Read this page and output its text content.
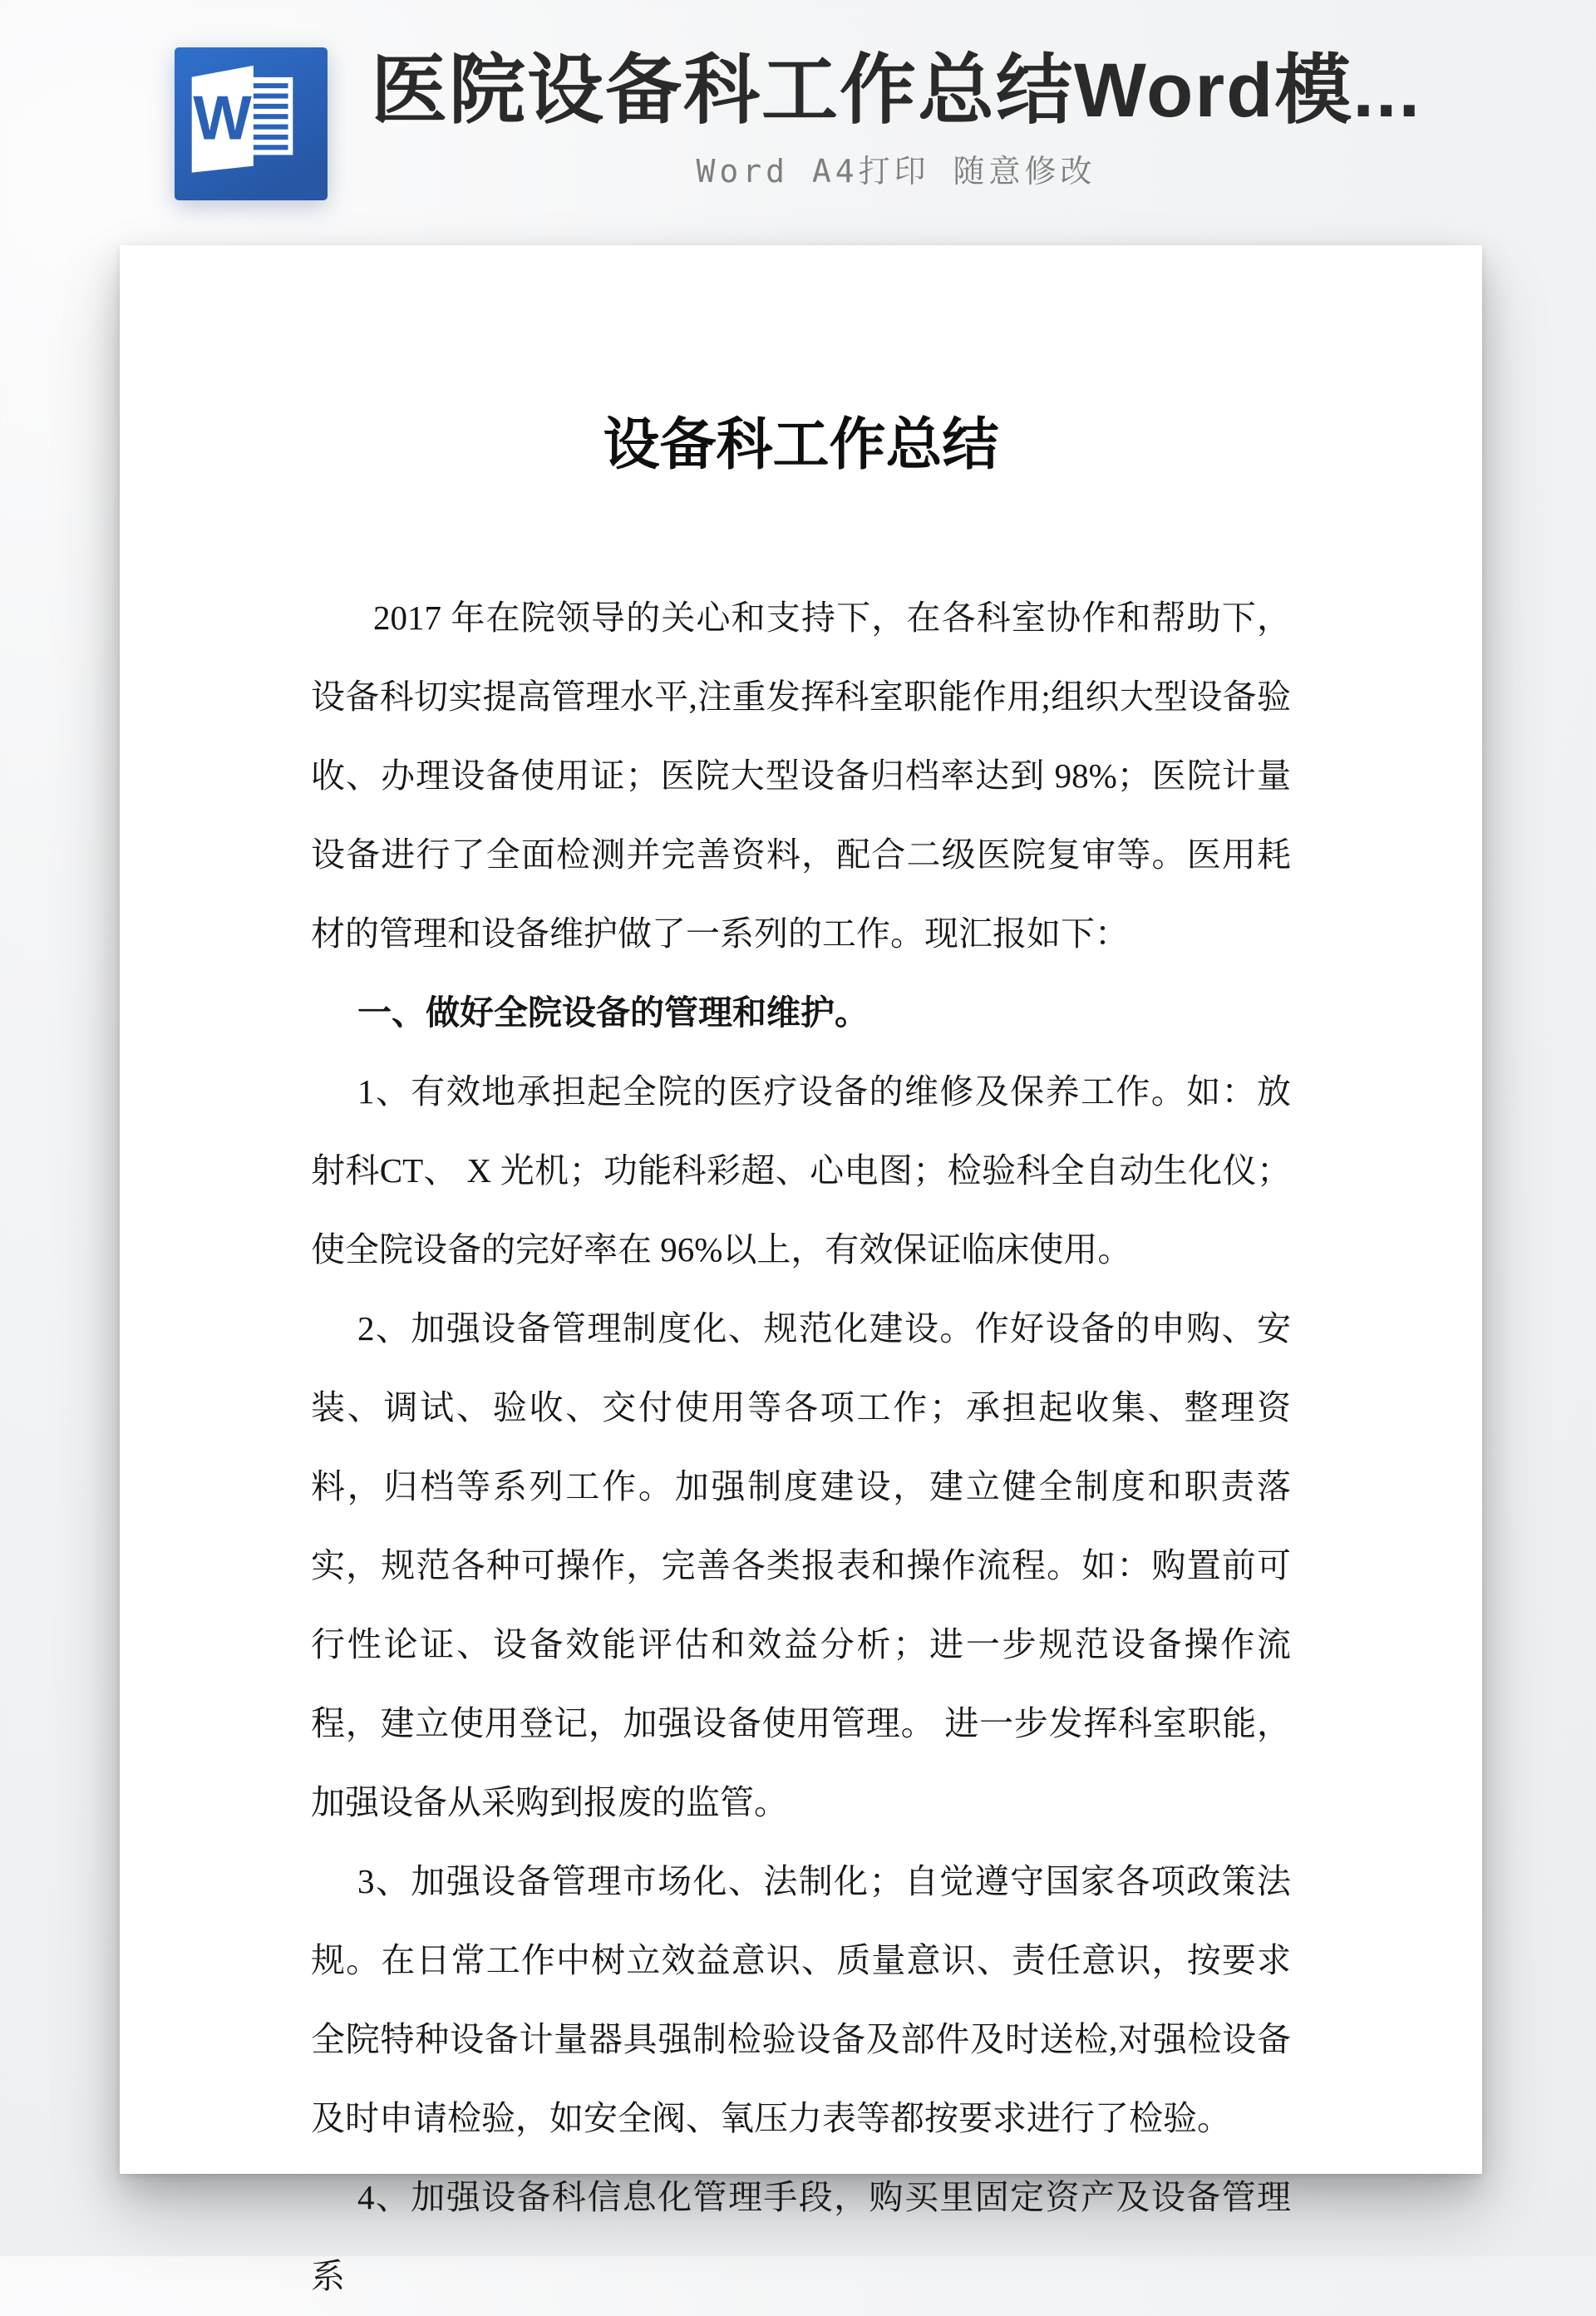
W 医院设备科工作总结Word模...
Word A4打印 随意修改
设备科工作总结

2017 年在院领导的关心和支持下，在各科室协作和帮助下，设备科切实提高管理水平,注重发挥科室职能作用;组织大型设备验收、办理设备使用证；医院大型设备归档率达到 98%；医院计量设备进行了全面检测并完善资料，配合二级医院复审等。医用耗材的管理和设备维护做了一系列的工作。现汇报如下：

一、做好全院设备的管理和维护。

1、有效地承担起全院的医疗设备的维修及保养工作。如：放射科CT、 X 光机；功能科彩超、心电图；检验科全自动生化仪；使全院设备的完好率在 96%以上，有效保证临床使用。

2、加强设备管理制度化、规范化建设。作好设备的申购、安装、调试、验收、交付使用等各项工作；承担起收集、整理资料，归档等系列工作。加强制度建设，建立健全制度和职责落实，规范各种可操作，完善各类报表和操作流程。如：购置前可行性论证、设备效能评估和效益分析；进一步规范设备操作流程，建立使用登记，加强设备使用管理。 进一步发挥科室职能，加强设备从采购到报废的监管。

3、加强设备管理市场化、法制化；自觉遵守国家各项政策法规。在日常工作中树立效益意识、质量意识、责任意识，按要求全院特种设备计量器具强制检验设备及部件及时送检,对强检设备及时申请检验，如安全阀、氧压力表等都按要求进行了检验。

4、加强设备科信息化管理手段，购买里固定资产及设备管理系
